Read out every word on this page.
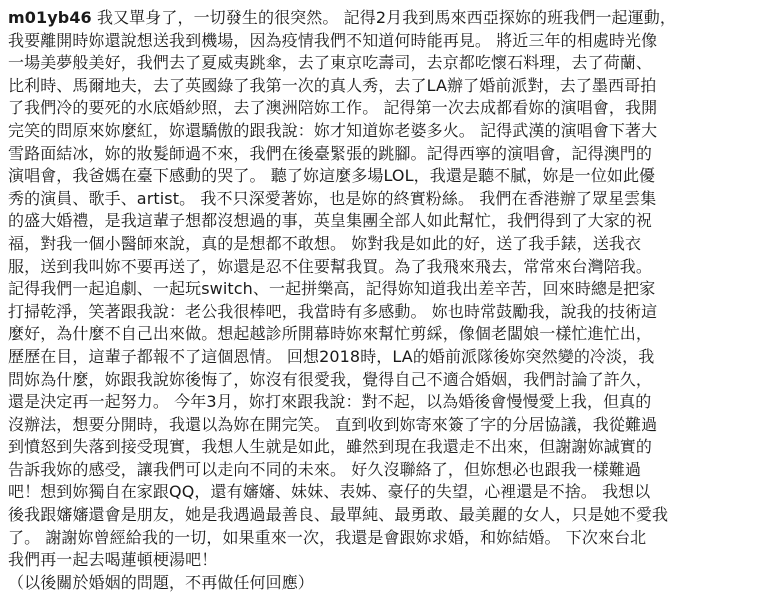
m01yb46 我又單身了，一切發生的很突然。 記得2月我到馬來西亞探妳的班我們一起運動，
我要離開時妳還說想送我到機場，因為疫情我們不知道何時能再見。 將近三年的相處時光像
一場美夢般美好，我們去了夏威夷跳傘，去了東京吃壽司，去京都吃懷石料理，去了荷蘭、
比利時、馬爾地夫，去了英國綠了我第一次的真人秀，去了LA辦了婚前派對，去了墨西哥拍
了我們冷的要死的水底婚紗照，去了澳洲陪妳工作。 記得第一次去成都看妳的演唱會，我開
完笑的問原來妳麼紅，妳還驕傲的跟我說：妳才知道妳老婆多火。 記得武漢的演唱會下著大
雪路面結冰，妳的妝髮師過不來，我們在後臺緊張的跳腳。記得西寧的演唱會，記得澳門的
演唱會，我爸媽在臺下感動的哭了。 聽了妳這麼多場LOL，我還是聽不膩，妳是一位如此優
秀的演員、歌手、artist。 我不只深愛著妳，也是妳的終實粉絲。 我們在香港辦了眾星雲集
的盛大婚禮，是我這輩子想都沒想過的事，英皇集團全部人如此幫忙，我們得到了大家的祝
福，對我一個小醫師來說，真的是想都不敢想。 妳對我是如此的好，送了我手錶，送我衣
服，送到我叫妳不要再送了，妳還是忍不住要幫我買。為了我飛來飛去，常常來台灣陪我。
記得我們一起追劇、一起玩switch、一起拼樂高，記得妳知道我出差辛苦，回來時總是把家
打掃乾淨，笑著跟我說：老公我很棒吧，我當時有多感動。 妳也時常鼓勵我，說我的技術這
麼好，為什麼不自己出來做。想起越診所開幕時妳來幫忙剪綵，像個老闆娘一樣忙進忙出，
歷歷在目，這輩子都報不了這個恩情。 回想2018時，LA的婚前派隊後妳突然變的冷淡，我
問妳為什麼，妳跟我說妳後悔了，妳沒有很愛我，覺得自己不適合婚姻，我們討論了許久，
還是決定再一起努力。 今年3月，妳打來跟我說：對不起，以為婚後會慢慢愛上我，但真的
沒辦法，想要分開時，我還以為妳在開完笑。 直到收到妳寄來簽了字的分居協議，我從難過
到憤怒到失落到接受現實，我想人生就是如此，雖然到現在我還走不出來，但謝謝妳誠實的
告訴我妳的感受，讓我們可以走向不同的未來。 好久沒聯絡了，但妳想必也跟我一樣難過
吧！想到妳獨自在家跟QQ，還有嬸嬸、妹妹、表姊、豪仔的失望，心裡還是不捨。 我想以
後我跟嬸嬸還會是朋友，她是我遇過最善良、最單純、最勇敢、最美麗的女人，只是她不愛我
了。 謝謝妳曾經給我的一切，如果重來一次，我還是會跟妳求婚，和妳結婚。 下次來台北
我們再一起去喝蓮頓梗湯吧！
（以後關於婚姻的問題，不再做任何回應）
